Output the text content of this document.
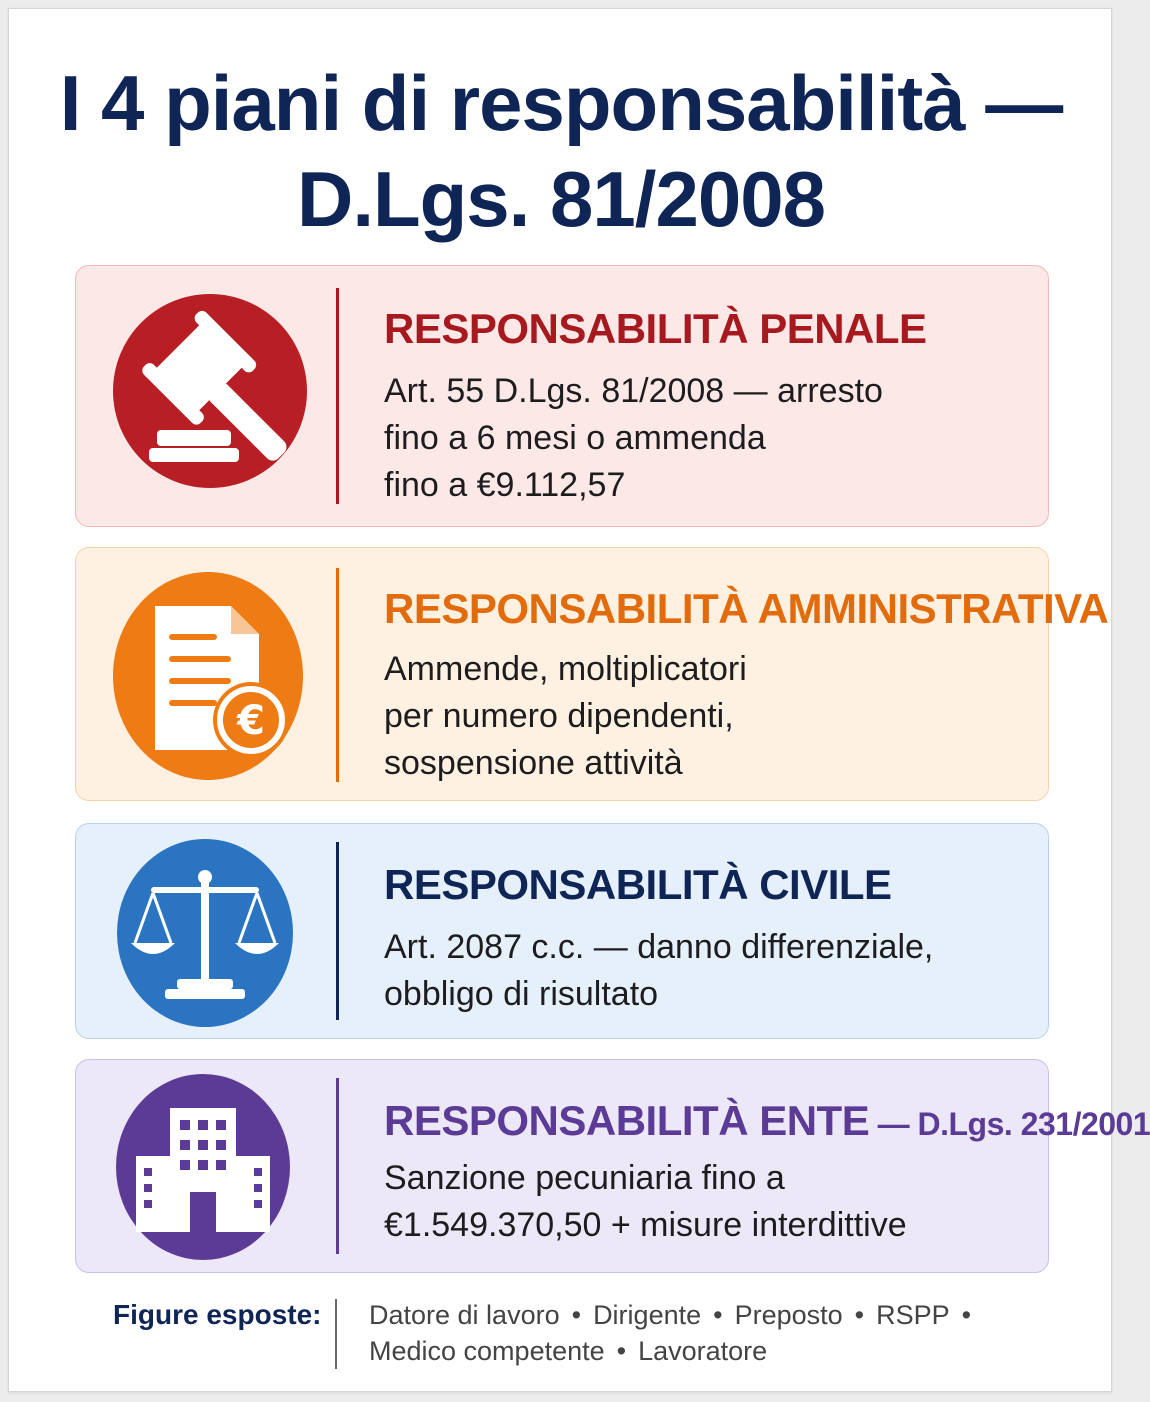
I 4 piani di responsabilità —
D.Lgs. 81/2008
RESPONSABILITÀ PENALE

Art. 55 D.Lgs. 81/2008 — arresto
fino a 6 mesi o ammenda
fino a €9.112,57

€
RESPONSABILITÀ AMMINISTRATIVA

Ammende, moltiplicatori
per numero dipendenti,
sospensione attività

RESPONSABILITÀ CIVILE

Art. 2087 c.c. — danno differenziale,
obbligo di risultato

RESPONSABILITÀ ENTE — D.Lgs. 231/2001

Sanzione pecuniaria fino a
€1.549.370,50 + misure interdittive

Figure esposte: Datore di lavoro • Dirigente • Preposto • RSPP •
Medico competente • Lavoratore
